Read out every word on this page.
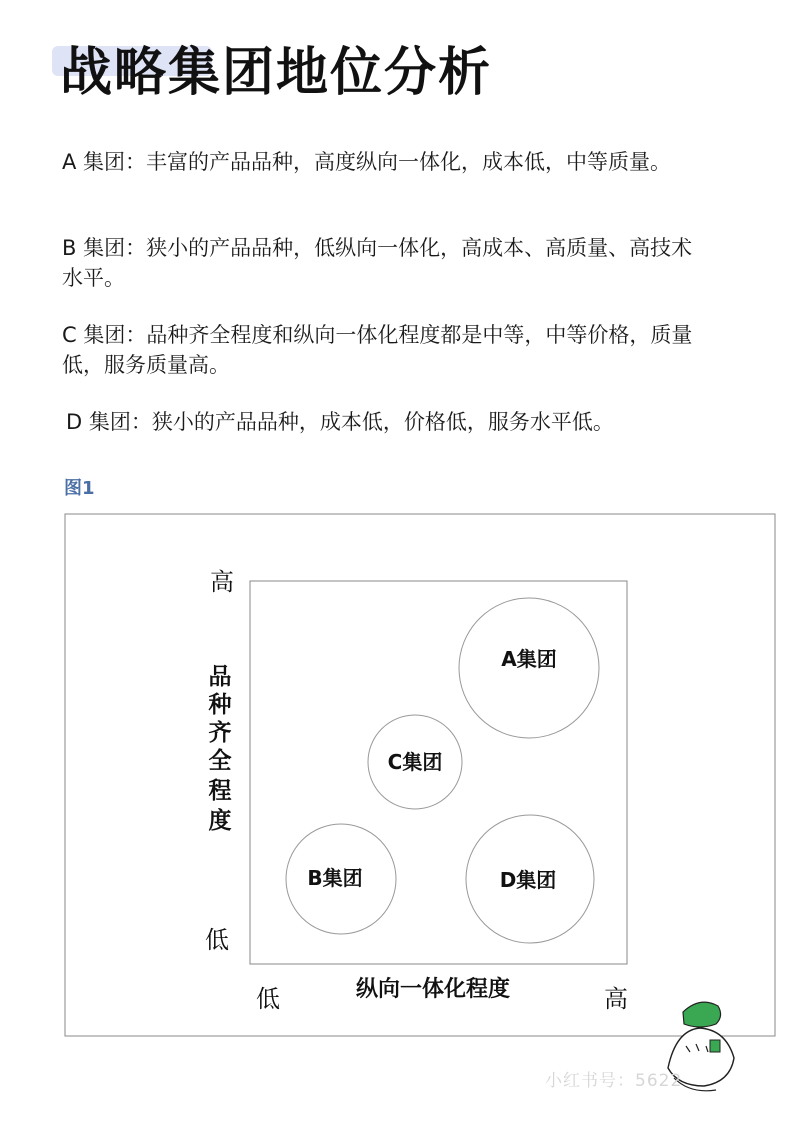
战略集团地位分析

A 集团：丰富的产品品种，高度纵向一体化，成本低，中等质量。

B 集团：狭小的产品品种，低纵向一体化，高成本、高质量、高技术水平。

C 集团：品种齐全程度和纵向一体化程度都是中等，中等价格，质量低，服务质量高。

D 集团：狭小的产品品种，成本低，价格低，服务水平低。

图1
高
品
种
齐
全
程
度
低
低	纵向一体化程度	高
A集团
C集团
B集团	D集团
小红书号：5622
